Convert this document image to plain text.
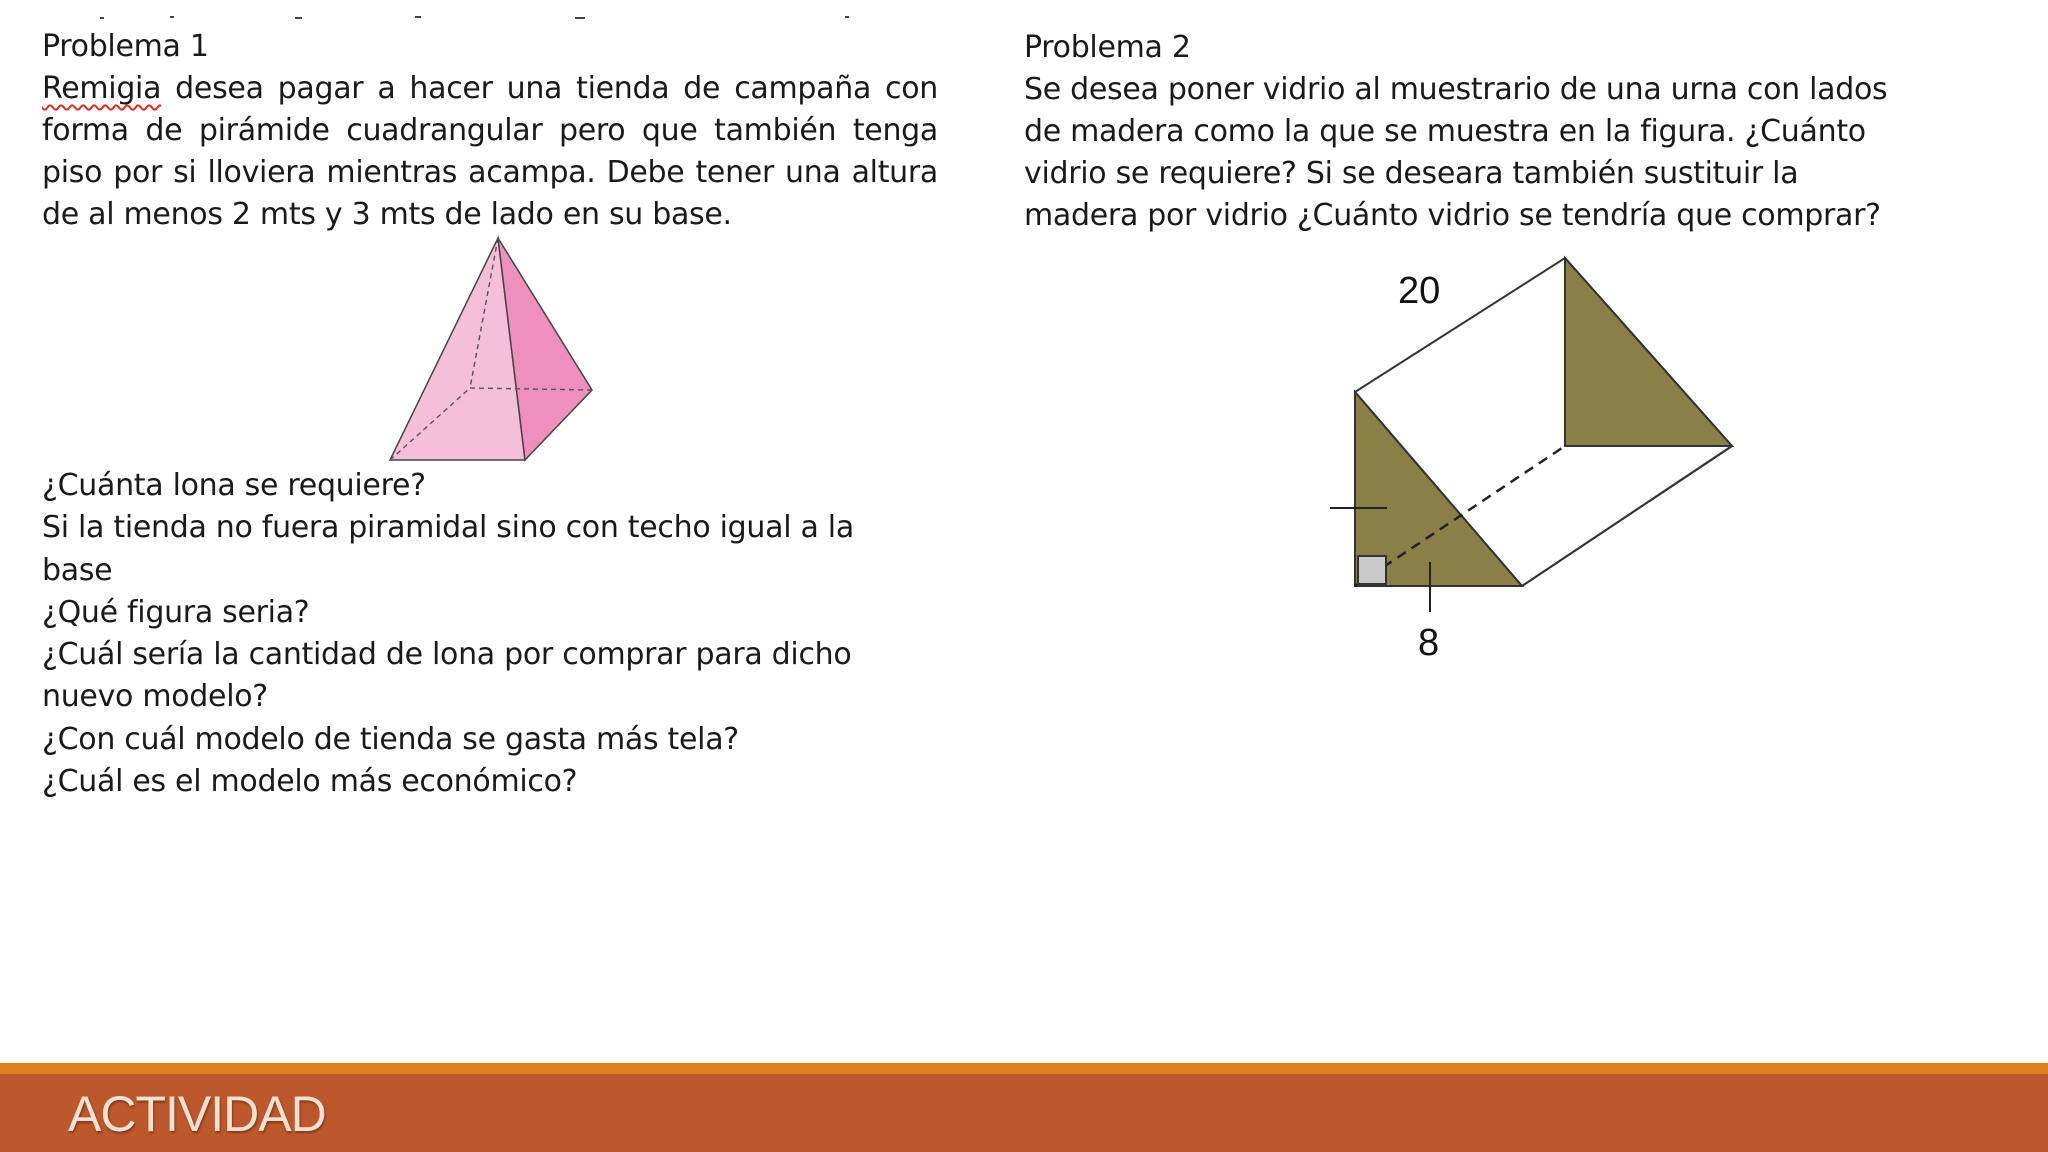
Problema 1

Remigia desea pagar a hacer una tienda de campaña con forma de pirámide cuadrangular pero que también tenga piso por si lloviera mientras acampa. Debe tener una altura de al menos 2 mts y 3 mts de lado en su base.

¿Cuánta lona se requiere?
Si la tienda no fuera piramidal sino con techo igual a la
base
¿Qué figura seria?
¿Cuál sería la cantidad de lona por comprar para dicho
nuevo modelo?
¿Con cuál modelo de tienda se gasta más tela?
¿Cuál es el modelo más económico?
Problema 2
Se desea poner vidrio al muestrario de una urna con lados
de madera como la que se muestra en la figura. ¿Cuánto
vidrio se requiere? Si se deseara también sustituir la
madera por vidrio ¿Cuánto vidrio se tendría que comprar?
20
8
ACTIVIDAD
